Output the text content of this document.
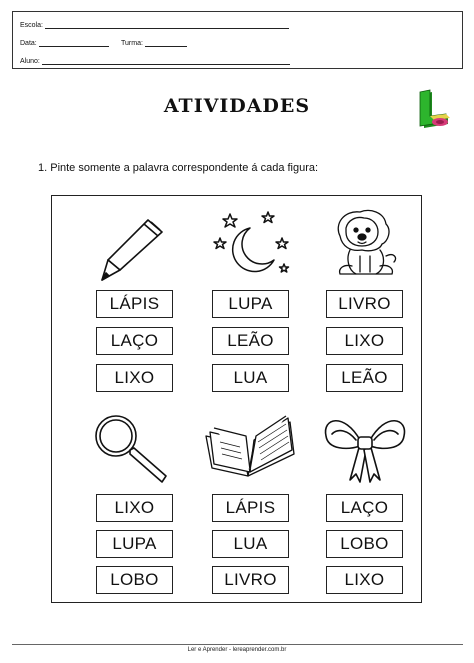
Escola:
Data:	Turma:
Aluno:
ATIVIDADES
1. Pinte somente a palavra correspondente á cada figura:
LÁPIS
LAÇO
LIXO
LUPA
LEÃO
LUA
LIVRO
LIXO
LEÃO
LIXO
LUPA
LOBO
LÁPIS
LUA
LIVRO
LAÇO
LOBO
LIXO
Ler e Aprender - lereaprender.com.br
